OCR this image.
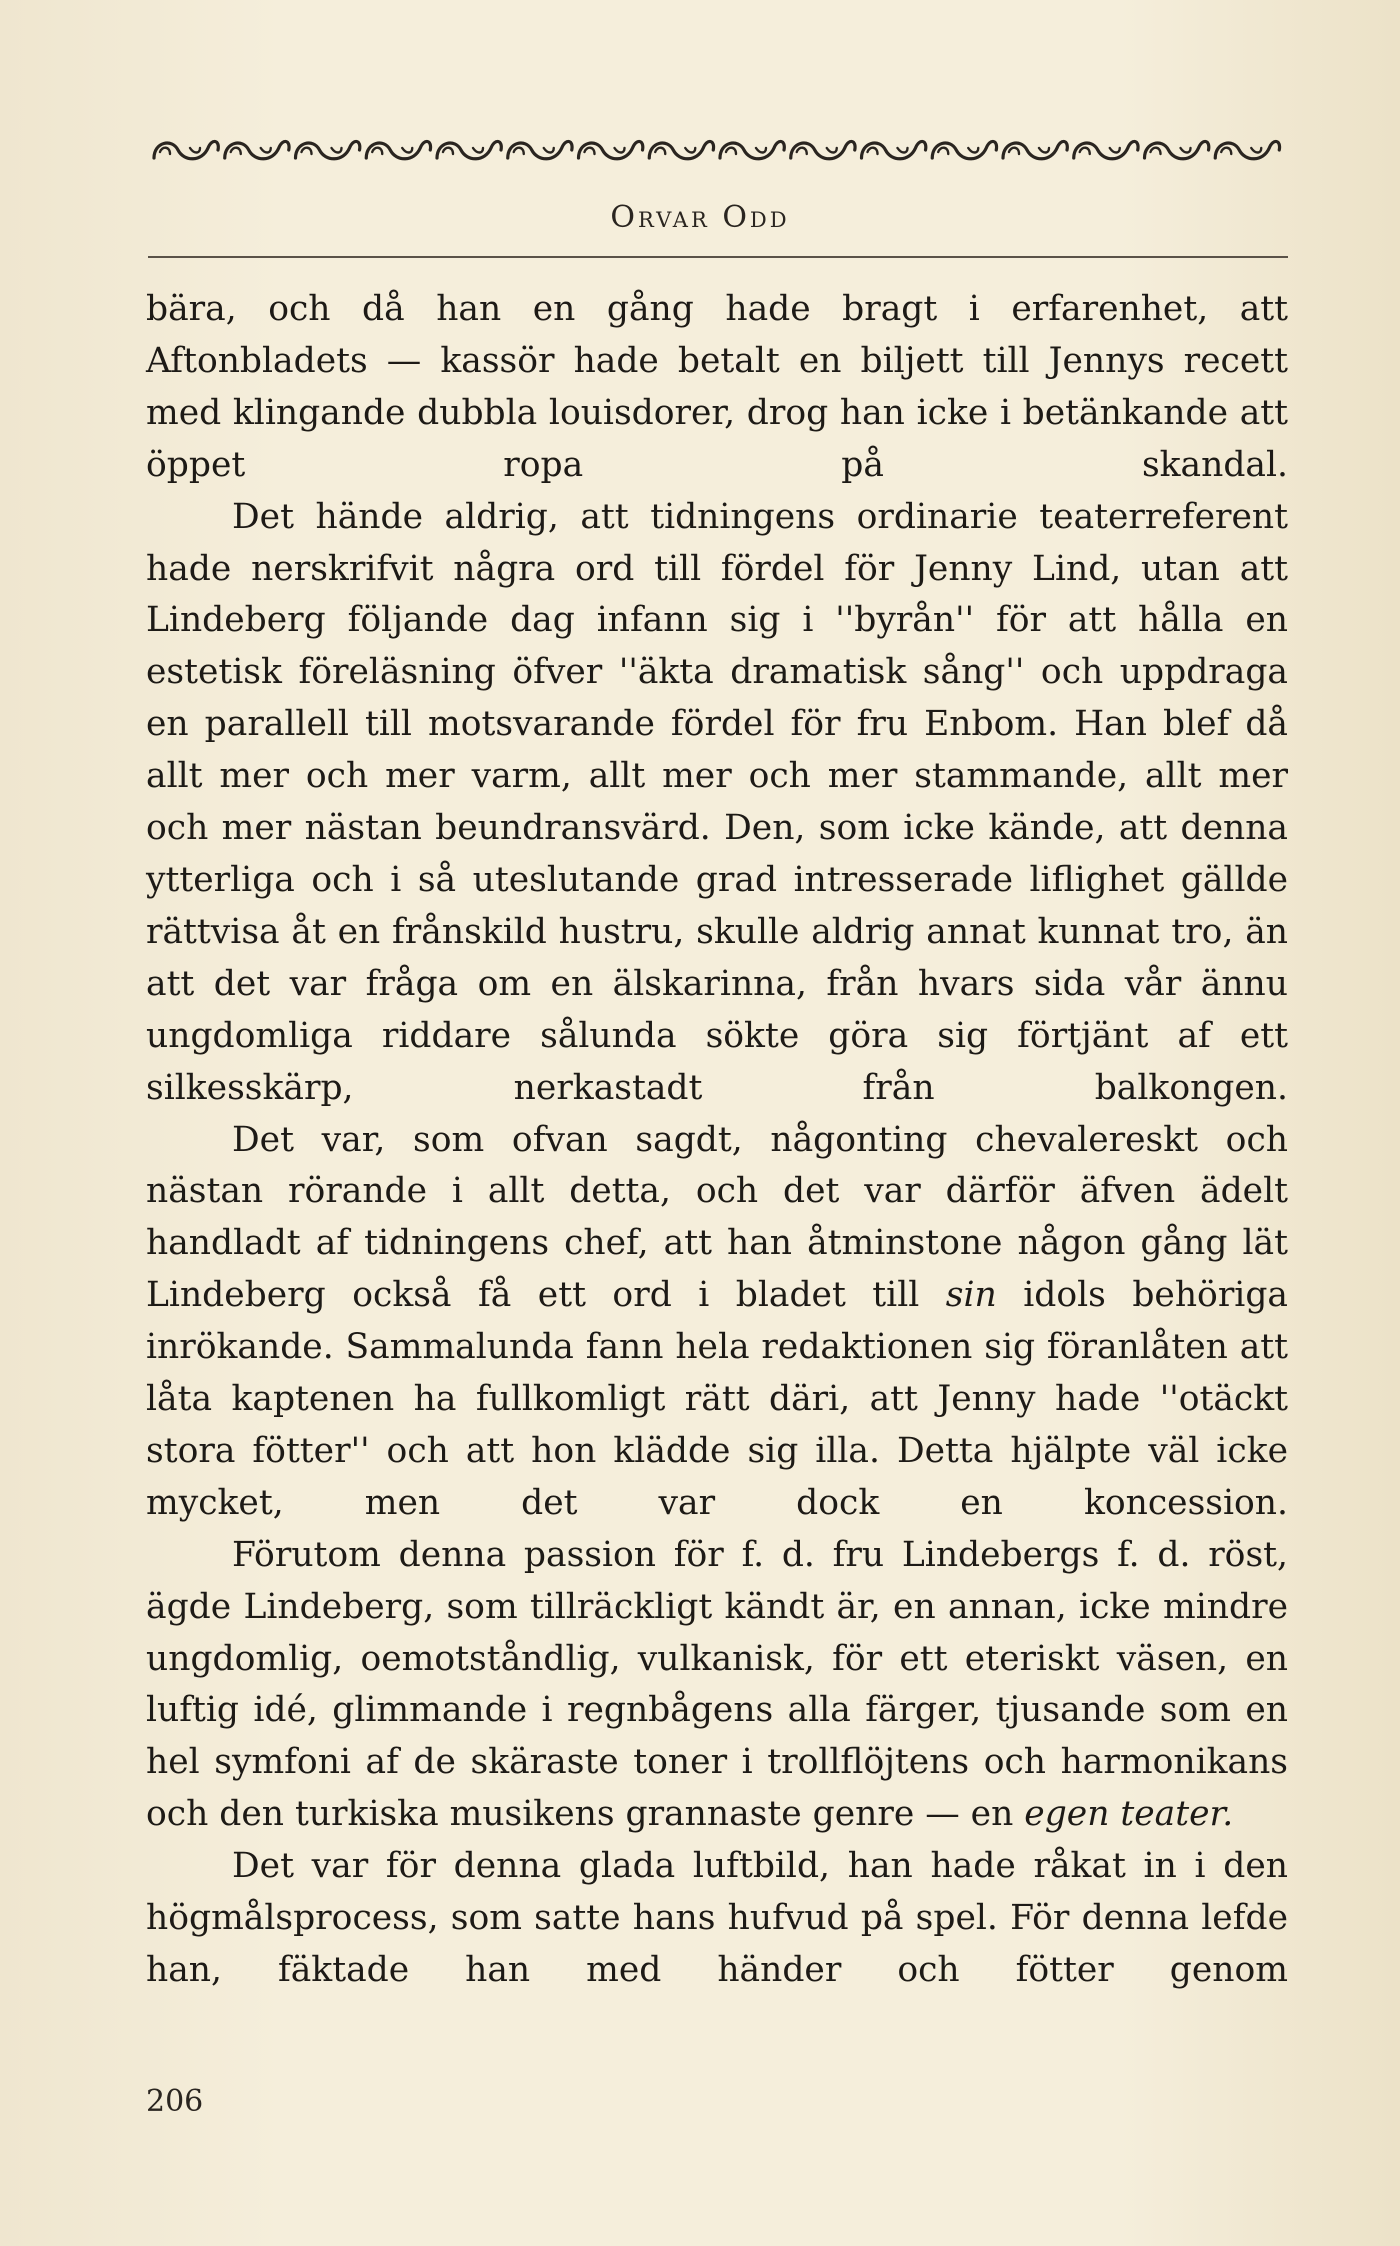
Orvar Odd

bära, och då han en gång hade bragt i erfarenhet, att Aftonbladets — kassör hade betalt en biljett till Jennys recett med klingande dubbla louisdorer, drog han icke i betänkande att öppet ropa på skandal.

Det hände aldrig, att tidningens ordinarie teaterreferent hade nerskrifvit några ord till fördel för Jenny Lind, utan att Lindeberg följande dag infann sig i ''byrån'' för att hålla en estetisk föreläsning öfver ''äkta dramatisk sång'' och uppdraga en parallell till motsvarande fördel för fru Enbom. Han blef då allt mer och mer varm, allt mer och mer stammande, allt mer och mer nästan beundransvärd. Den, som icke kände, att denna ytterliga och i så uteslutande grad intresserade liflighet gällde rättvisa åt en frånskild hustru, skulle aldrig annat kunnat tro, än att det var fråga om en älskarinna, från hvars sida vår ännu ungdomliga riddare sålunda sökte göra sig förtjänt af ett silkesskärp, nerkastadt från balkongen.

Det var, som ofvan sagdt, någonting chevalereskt och nästan rörande i allt detta, och det var därför äfven ädelt handladt af tidningens chef, att han åtminstone någon gång lät Lindeberg också få ett ord i bladet till sin idols behöriga inrökande. Sammalunda fann hela redaktionen sig föranlåten att låta kaptenen ha fullkomligt rätt däri, att Jenny hade ''otäckt stora fötter'' och att hon klädde sig illa. Detta hjälpte väl icke mycket, men det var dock en koncession.

Förutom denna passion för f. d. fru Lindebergs f. d. röst, ägde Lindeberg, som tillräckligt kändt är, en annan, icke mindre ungdomlig, oemotståndlig, vulkanisk, för ett eteriskt väsen, en luftig idé, glimmande i regnbågens alla färger, tjusande som en hel symfoni af de skäraste toner i trollflöjtens och harmonikans och den turkiska musikens grannaste genre — en egen teater.

Det var för denna glada luftbild, han hade råkat in i den högmålsprocess, som satte hans hufvud på spel. För denna lefde han, fäktade han med händer och fötter genom

206
